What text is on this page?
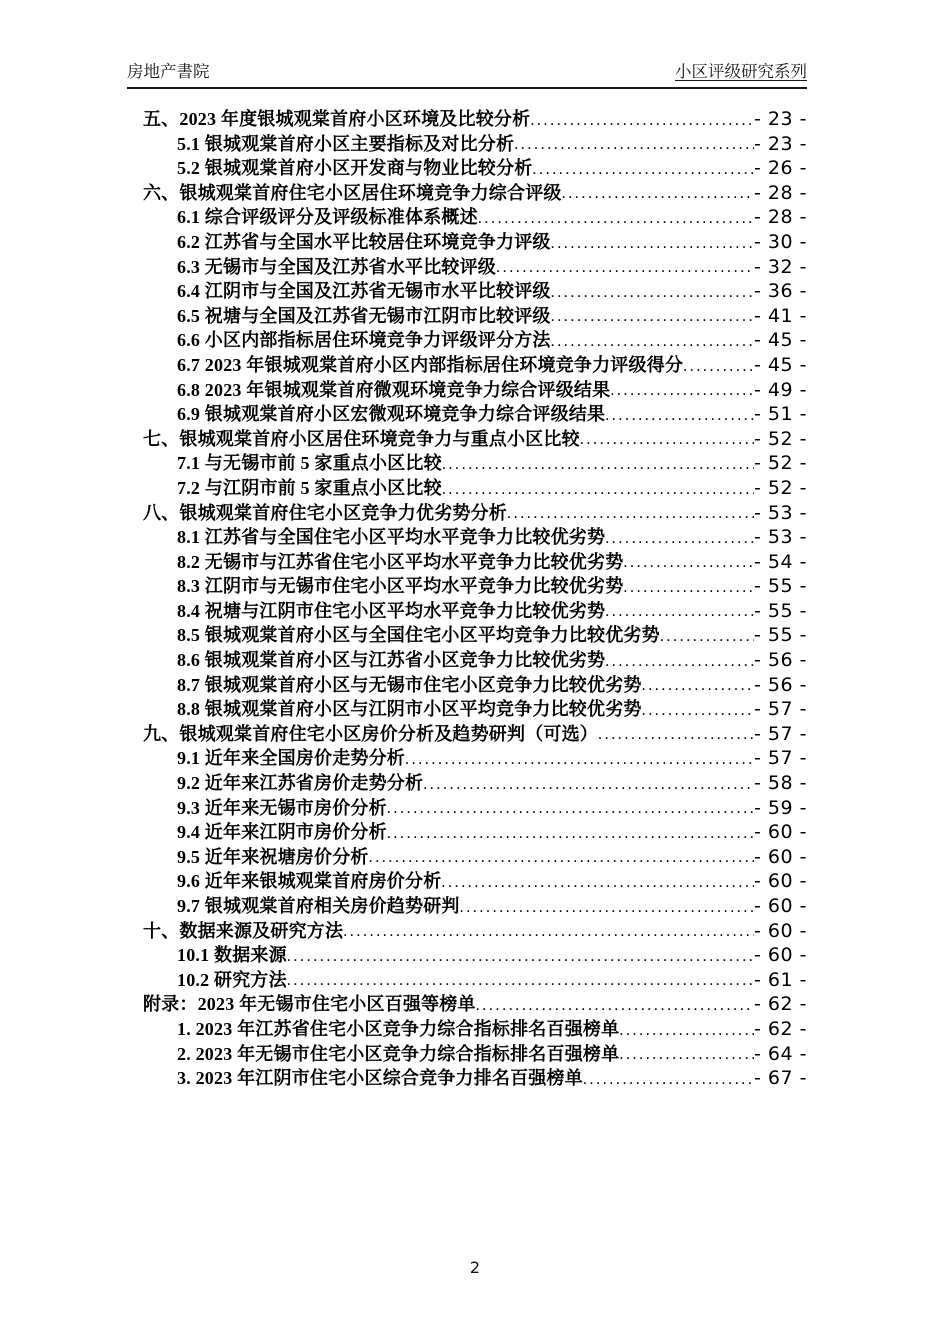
房地产書院	小区评级研究系列
五、2023 年度银城观棠首府小区环境及比较分析 .....	- 23 -
5.1 银城观棠首府小区主要指标及对比分析 .....	- 23 -
5.2 银城观棠首府小区开发商与物业比较分析 .....	- 26 -
六、银城观棠首府住宅小区居住环境竞争力综合评级 .....	- 28 -
6.1 综合评级评分及评级标准体系概述 .....	- 28 -
6.2 江苏省与全国水平比较居住环境竞争力评级 .....	- 30 -
6.3 无锡市与全国及江苏省水平比较评级 .....	- 32 -
6.4 江阴市与全国及江苏省无锡市水平比较评级 .....	- 36 -
6.5 祝塘与全国及江苏省无锡市江阴市比较评级 .....	- 41 -
6.6 小区内部指标居住环境竞争力评级评分方法 .....	- 45 -
6.7 2023 年银城观棠首府小区内部指标居住环境竞争力评级得分 .....	- 45 -
6.8 2023 年银城观棠首府微观环境竞争力综合评级结果 .....	- 49 -
6.9 银城观棠首府小区宏微观环境竞争力综合评级结果 .....	- 51 -
七、银城观棠首府小区居住环境竞争力与重点小区比较 .....	- 52 -
7.1 与无锡市前 5 家重点小区比较 .....	- 52 -
7.2 与江阴市前 5 家重点小区比较 .....	- 52 -
八、银城观棠首府住宅小区竞争力优劣势分析 .....	- 53 -
8.1 江苏省与全国住宅小区平均水平竞争力比较优劣势 .....	- 53 -
8.2 无锡市与江苏省住宅小区平均水平竞争力比较优劣势 .....	- 54 -
8.3 江阴市与无锡市住宅小区平均水平竞争力比较优劣势 .....	- 55 -
8.4 祝塘与江阴市住宅小区平均水平竞争力比较优劣势 .....	- 55 -
8.5 银城观棠首府小区与全国住宅小区平均竞争力比较优劣势 .....	- 55 -
8.6 银城观棠首府小区与江苏省小区竞争力比较优劣势 .....	- 56 -
8.7 银城观棠首府小区与无锡市住宅小区竞争力比较优劣势 .....	- 56 -
8.8 银城观棠首府小区与江阴市小区平均竞争力比较优劣势 .....	- 57 -
九、银城观棠首府住宅小区房价分析及趋势研判（可选） .....	- 57 -
9.1 近年来全国房价走势分析 .....	- 57 -
9.2 近年来江苏省房价走势分析 .....	- 58 -
9.3 近年来无锡市房价分析 .....	- 59 -
9.4 近年来江阴市房价分析 .....	- 60 -
9.5 近年来祝塘房价分析 .....	- 60 -
9.6 近年来银城观棠首府房价分析 .....	- 60 -
9.7 银城观棠首府相关房价趋势研判 .....	- 60 -
十、数据来源及研究方法 .....	- 60 -
10.1 数据来源 .....	- 60 -
10.2 研究方法 .....	- 61 -
附录：2023 年无锡市住宅小区百强等榜单 .....	- 62 -
1. 2023 年江苏省住宅小区竞争力综合指标排名百强榜单 .....	- 62 -
2. 2023 年无锡市住宅小区竞争力综合指标排名百强榜单 .....	- 64 -
3. 2023 年江阴市住宅小区综合竞争力排名百强榜单 .....	- 67 -
2
